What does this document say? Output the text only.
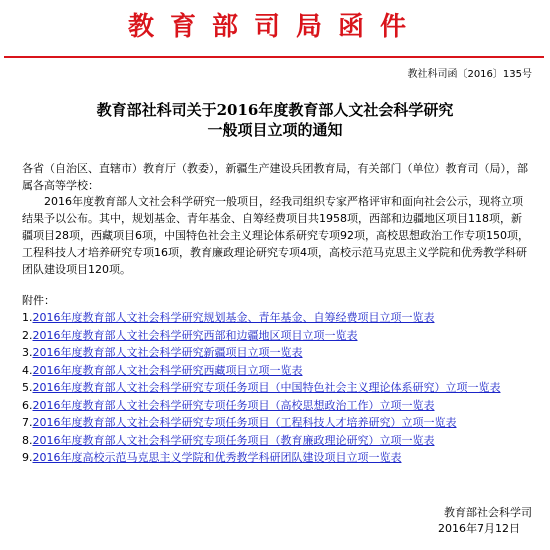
教育部司局函件
教社科司函〔2016〕135号
教育部社科司关于2016年度教育部人文社会科学研究
一般项目立项的通知
各省（自治区、直辖市）教育厅（教委），新疆生产建设兵团教育局，有关部门（单位）教育司（局），部属各高等学校：
2016年度教育部人文社会科学研究一般项目，经我司组织专家严格评审和面向社会公示，现将立项结果予以公布。其中，规划基金、青年基金、自筹经费项目共1958项，西部和边疆地区项目118项，新疆项目28项，西藏项目6项，中国特色社会主义理论体系研究专项92项，高校思想政治工作专项150项，工程科技人才培养研究专项16项，教育廉政理论研究专项4项，高校示范马克思主义学院和优秀教学科研团队建设项目120项。
附件：
1.2016年度教育部人文社会科学研究规划基金、青年基金、自筹经费项目立项一览表
2.2016年度教育部人文社会科学研究西部和边疆地区项目立项一览表
3.2016年度教育部人文社会科学研究新疆项目立项一览表
4.2016年度教育部人文社会科学研究西藏项目立项一览表
5.2016年度教育部人文社会科学研究专项任务项目（中国特色社会主义理论体系研究）立项一览表
6.2016年度教育部人文社会科学研究专项任务项目（高校思想政治工作）立项一览表
7.2016年度教育部人文社会科学研究专项任务项目（工程科技人才培养研究）立项一览表
8.2016年度教育部人文社会科学研究专项任务项目（教育廉政理论研究）立项一览表
9.2016年度高校示范马克思主义学院和优秀教学科研团队建设项目立项一览表
教育部社会科学司
2016年7月12日
